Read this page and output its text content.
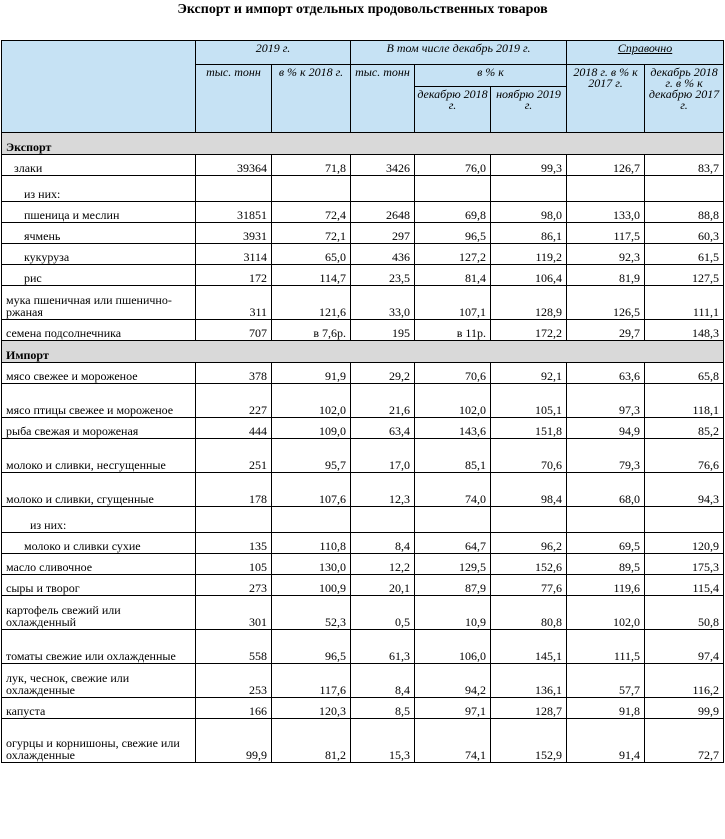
Экспорт и импорт отдельных продовольственных товаров
	2019 г.		В том числе декабрь 2019 г.			Справочно	
	тыс. тонн	в % к 2018 г.	тыс. тонн	в % к		2018 г. в % к 2017 г.	декабрь 2018 г. в % к декабрю 2017 г.
				декабрю 2018 г.	ноябрю 2019 г.		
Экспорт							
злаки	39364	71,8	3426	76,0	99,3	126,7	83,7
из них:							
пшеница и меслин	31851	72,4	2648	69,8	98,0	133,0	88,8
ячмень	3931	72,1	297	96,5	86,1	117,5	60,3
кукуруза	3114	65,0	436	127,2	119,2	92,3	61,5
рис	172	114,7	23,5	81,4	106,4	81,9	127,5
мука пшеничная или пшенично-ржаная	311	121,6	33,0	107,1	128,9	126,5	111,1
семена подсолнечника	707	в 7,6р.	195	в 11р.	172,2	29,7	148,3
Импорт							
мясо свежее и мороженое	378	91,9	29,2	70,6	92,1	63,6	65,8
мясо птицы свежее и мороженое	227	102,0	21,6	102,0	105,1	97,3	118,1
рыба свежая и мороженая	444	109,0	63,4	143,6	151,8	94,9	85,2
молоко и сливки, несгущенные	251	95,7	17,0	85,1	70,6	79,3	76,6
молоко и сливки, сгущенные	178	107,6	12,3	74,0	98,4	68,0	94,3
из них:							
молоко и сливки сухие	135	110,8	8,4	64,7	96,2	69,5	120,9
масло сливочное	105	130,0	12,2	129,5	152,6	89,5	175,3
сыры и творог	273	100,9	20,1	87,9	77,6	119,6	115,4
картофель свежий или охлажденный	301	52,3	0,5	10,9	80,8	102,0	50,8
томаты свежие или охлажденные	558	96,5	61,3	106,0	145,1	111,5	97,4
лук, чеснок, свежие или охлажденные	253	117,6	8,4	94,2	136,1	57,7	116,2
капуста	166	120,3	8,5	97,1	128,7	91,8	99,9
огурцы и корнишоны, свежие или охлажденные	99,9	81,2	15,3	74,1	152,9	91,4	72,7
